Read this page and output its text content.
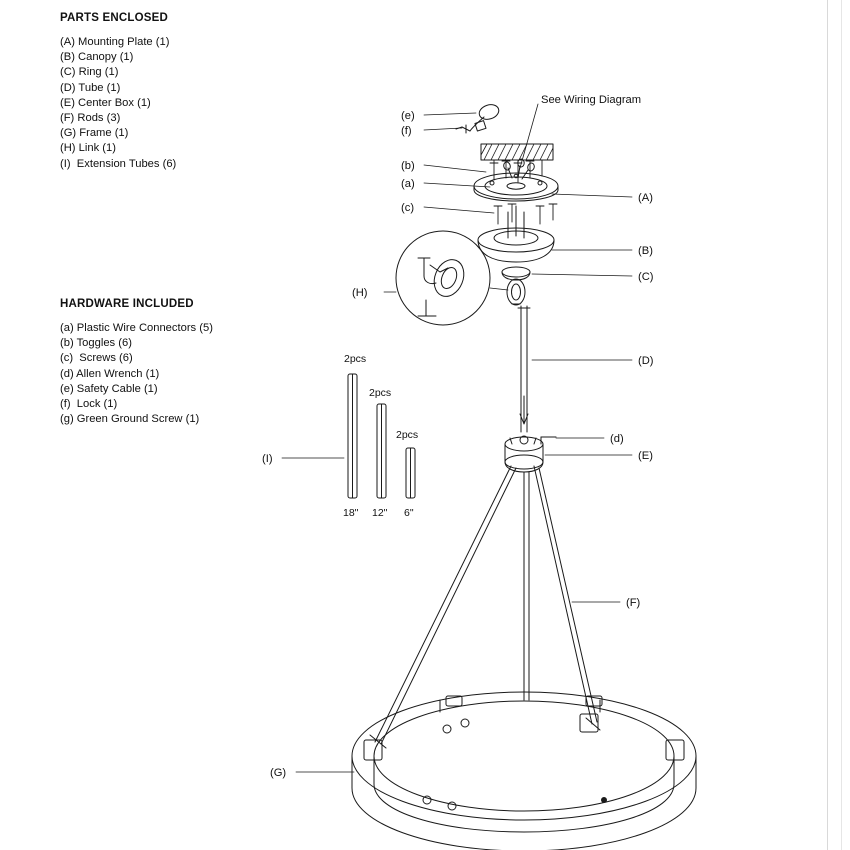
PARTS ENCLOSED
(A) Mounting Plate (1)
(B) Canopy (1)
(C) Ring (1)
(D) Tube (1)
(E) Center Box (1)
(F) Rods (3)
(G) Frame (1)
(H) Link (1)
(I)  Extension Tubes (6)
HARDWARE INCLUDED
(a) Plastic Wire Connectors (5)
(b) Toggles (6)
(c)  Screws (6)
(d) Allen Wrench (1)
(e) Safety Cable (1)
(f)  Lock (1)
(g) Green Ground Screw (1)
See Wiring Diagram
(e)
(f)
(b)
(a)
(c)
(A)
(B)
(C)
(H)
(D)
(d)
(E)
(F)
(G)
(I)
2pcs
2pcs
2pcs
18" 12" 6"
